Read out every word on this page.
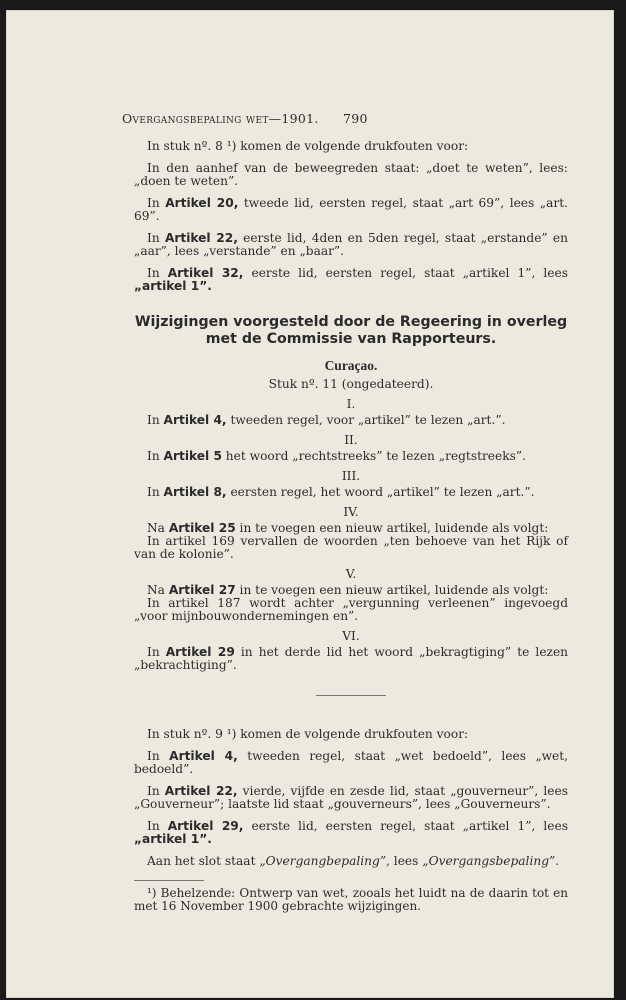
Overgangsbepaling wet—1901. 790

In stuk nº. 8 ¹) komen de volgende drukfouten voor:

In den aanhef van de beweegreden staat: „doet te weten”, lees: „doen te weten”.

In Artikel 20, tweede lid, eersten regel, staat „art 69”, lees „art. 69”.

In Artikel 22, eerste lid, 4den en 5den regel, staat „erstande” en „aar”, lees „verstande” en „baar”.

In Artikel 32, eerste lid, eersten regel, staat „artikel 1”, lees „artikel 1”.

Wijzigingen voorgesteld door de Regeering in overleg
met de Commissie van Rapporteurs.
Curaçao.
Stuk nº. 11 (ongedateerd).
I.

In Artikel 4, tweeden regel, voor „artikel” te lezen „art.”.

II.

In Artikel 5 het woord „rechtstreeks” te lezen „regtstreeks”.

III.

In Artikel 8, eersten regel, het woord „artikel” te lezen „art.”.

IV.

Na Artikel 25 in te voegen een nieuw artikel, luidende als volgt:

In artikel 169 vervallen de woorden „ten behoeve van het Rijk of van de kolonie”.

V.

Na Artikel 27 in te voegen een nieuw artikel, luidende als volgt:

In artikel 187 wordt achter „vergunning verleenen” ingevoegd „voor mijnbouwondernemingen en”.

VI.

In Artikel 29 in het derde lid het woord „bekragtiging” te lezen „bekrachtiging”.

In stuk nº. 9 ¹) komen de volgende drukfouten voor:

In Artikel 4, tweeden regel, staat „wet bedoeld”, lees „wet, bedoeld”.

In Artikel 22, vierde, vijfde en zesde lid, staat „gouverneur”, lees „Gouverneur”; laatste lid staat „gouverneurs”, lees „Gouverneurs”.

In Artikel 29, eerste lid, eersten regel, staat „artikel 1”, lees „artikel 1”.

Aan het slot staat „Overgangbepaling”, lees „Overgangsbepaling”.

¹) Behelzende: Ontwerp van wet, zooals het luidt na de daarin tot en met 16 November 1900 gebrachte wijzigingen.
